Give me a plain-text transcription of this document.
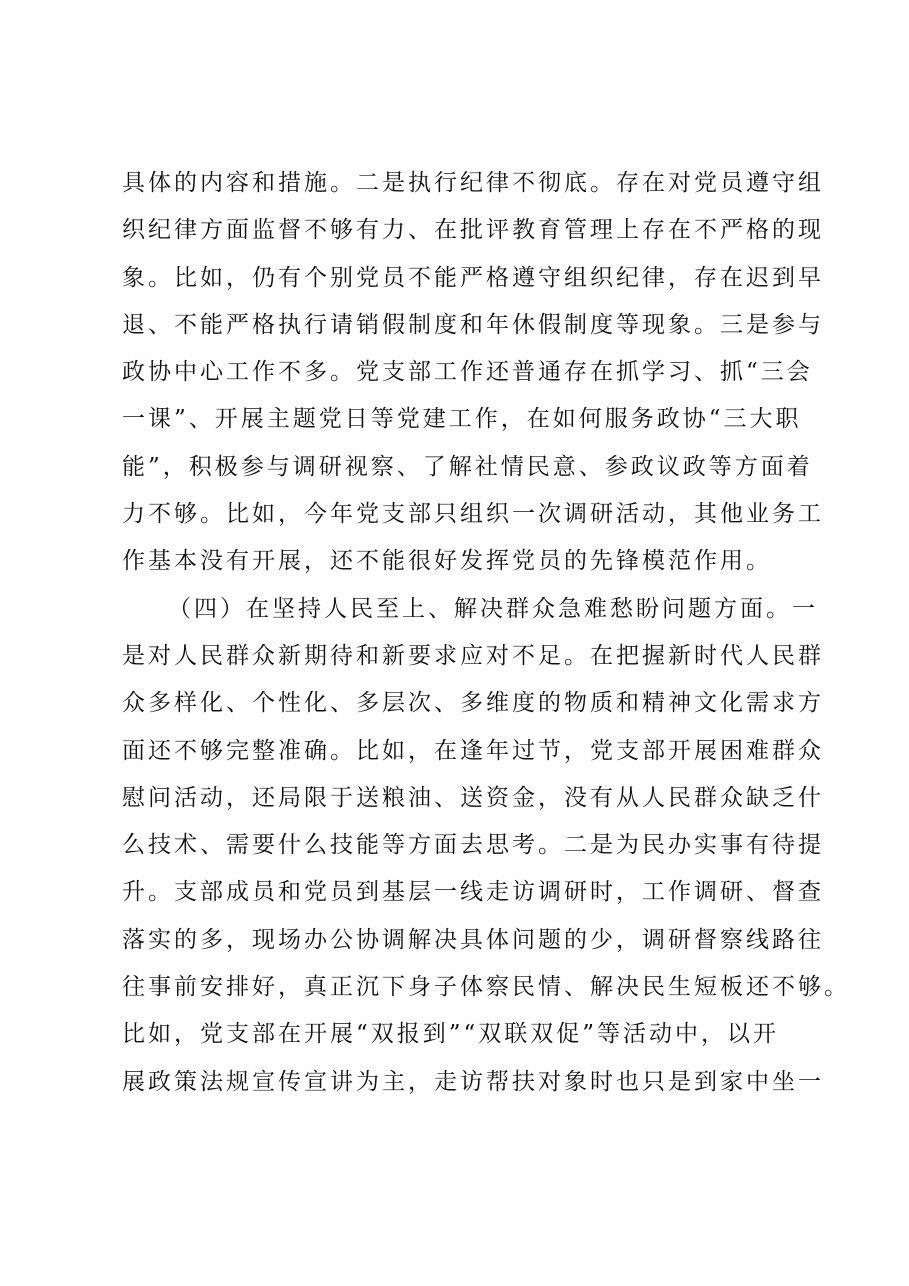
具体的内容和措施。二是执行纪律不彻底。存在对党员遵守组
织纪律方面监督不够有力、在批评教育管理上存在不严格的现
象。比如，仍有个别党员不能严格遵守组织纪律，存在迟到早
退、不能严格执行请销假制度和年休假制度等现象。三是参与
政协中心工作不多。党支部工作还普通存在抓学习、抓“三会
一课”、开展主题党日等党建工作，在如何服务政协“三大职
能”，积极参与调研视察、了解社情民意、参政议政等方面着
力不够。比如，今年党支部只组织一次调研活动，其他业务工
作基本没有开展，还不能很好发挥党员的先锋模范作用。
（四）在坚持人民至上、解决群众急难愁盼问题方面。一
是对人民群众新期待和新要求应对不足。在把握新时代人民群
众多样化、个性化、多层次、多维度的物质和精神文化需求方
面还不够完整准确。比如，在逢年过节，党支部开展困难群众
慰问活动，还局限于送粮油、送资金，没有从人民群众缺乏什
么技术、需要什么技能等方面去思考。二是为民办实事有待提
升。支部成员和党员到基层一线走访调研时，工作调研、督查
落实的多，现场办公协调解决具体问题的少，调研督察线路往
往事前安排好，真正沉下身子体察民情、解决民生短板还不够。
比如，党支部在开展“双报到”“双联双促”等活动中，以开
展政策法规宣传宣讲为主，走访帮扶对象时也只是到家中坐一
